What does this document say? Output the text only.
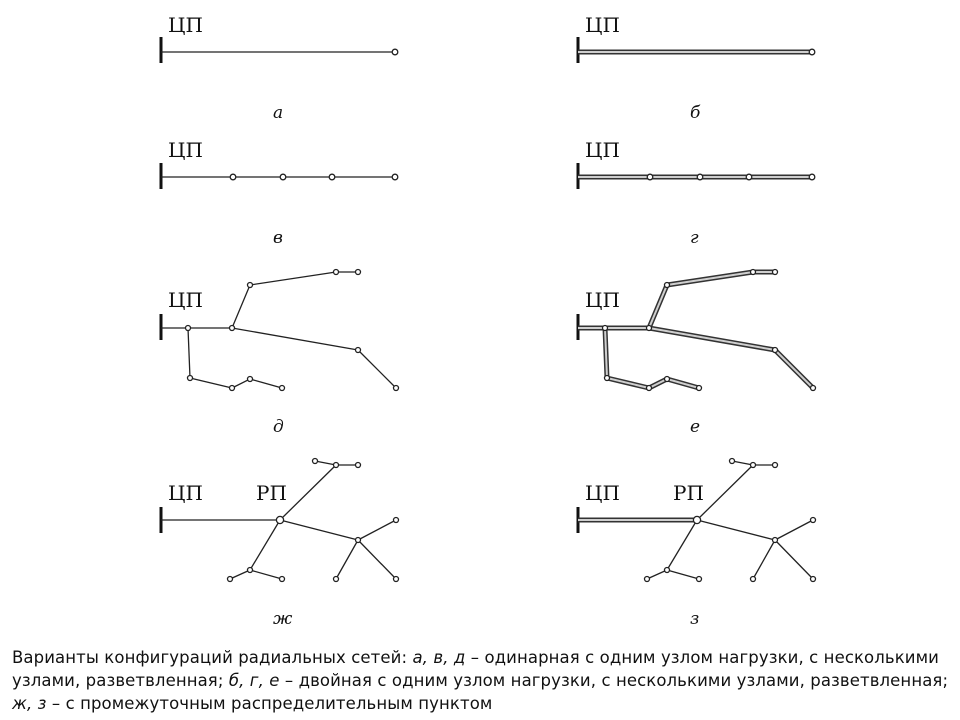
ЦП
а
ЦП
б
ЦП
в
ЦП
г
ЦП
д
ЦП
е
ЦП	РП
ж
ЦП	РП
з
Варианты конфигураций радиальных сетей: а, в, д – одинарная с одним узлом нагрузки, с несколькими узлами, разветвленная; б, г, е – двойная с одним узлом нагрузки, с несколькими узлами, разветвленная; ж, з – с промежуточным распределительным пунктом
